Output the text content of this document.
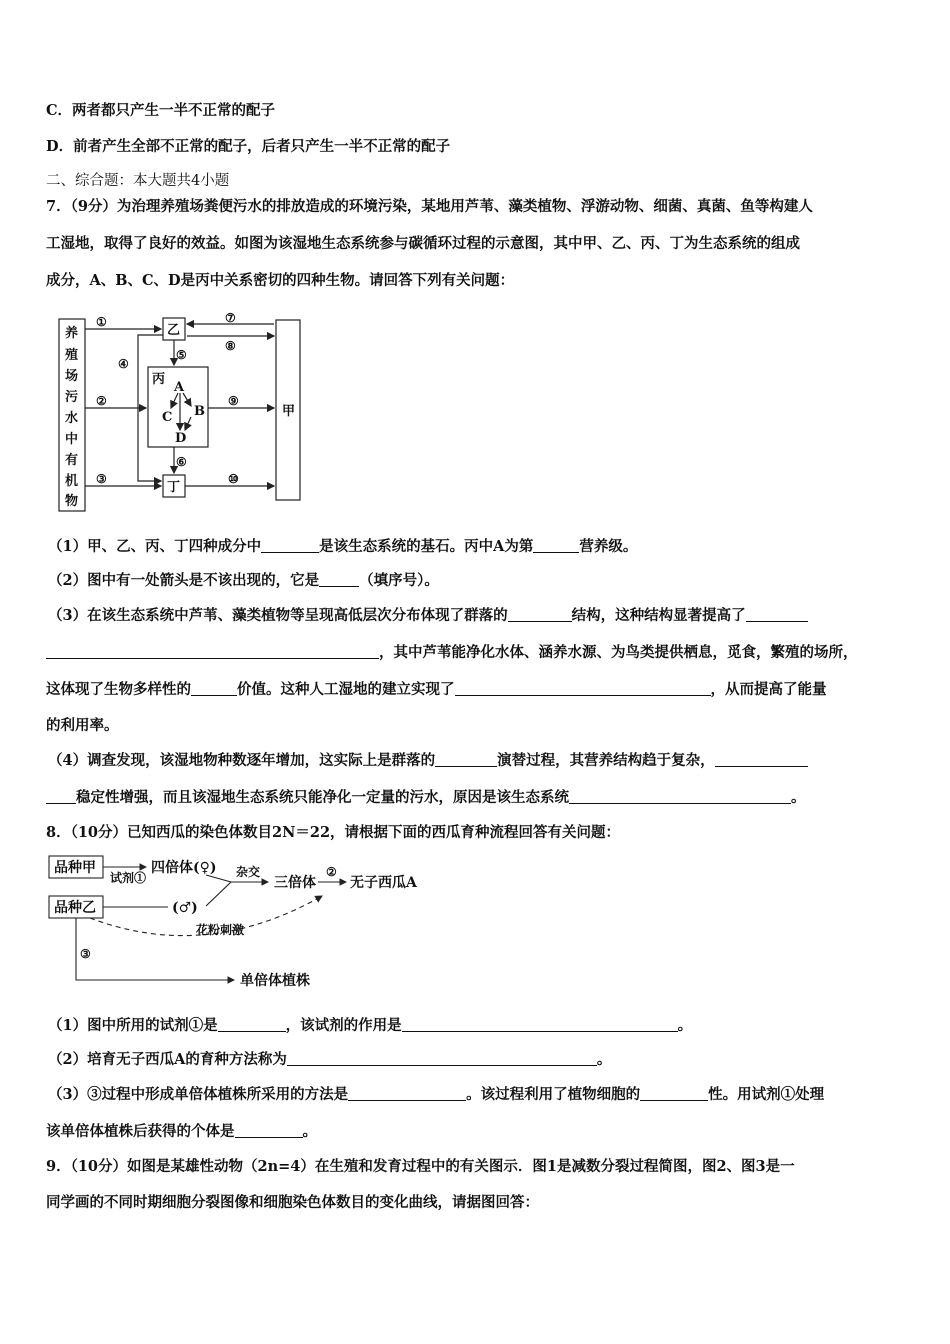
C．两者都只产生一半不正常的配子
D．前者产生全部不正常的配子，后者只产生一半不正常的配子
二、综合题：本大题共4小题
7．（9分）为治理养殖场粪便污水的排放造成的环境污染，某地用芦苇、藻类植物、浮游动物、细菌、真菌、鱼等构建人
工湿地，取得了良好的效益。如图为该湿地生态系统参与碳循环过程的示意图，其中甲、乙、丙、丁为生态系统的组成
成分，A、B、C、D是丙中关系密切的四种生物。请回答下列有关问题：
养
殖
场
污
水
中
有
机
物
乙
丙
丁
甲
A
C B
D
①
②
③
④
⑤
⑥
⑦
⑧
⑨
⑩
（1）甲、乙、丙、丁四种成分中	是该生态系统的基石。丙中A为第	营养级。
（2）图中有一处箭头是不该出现的，它是	（填序号）。
（3）在该生态系统中芦苇、藻类植物等呈现高低层次分布体现了群落的	结构，这种结构显著提高了
，其中芦苇能净化水体、涵养水源、为鸟类提供栖息，觅食，繁殖的场所，
这体现了生物多样性的	价值。这种人工湿地的建立实现了	，从而提高了能量
的利用率。
（4）调查发现，该湿地物种数逐年增加，这实际上是群落的	演替过程，其营养结构趋于复杂，
稳定性增强，而且该湿地生态系统只能净化一定量的污水，原因是该生态系统	。
8．（10分）已知西瓜的染色体数目2N＝22，请根据下面的西瓜育种流程回答有关问题：
品种甲
品种乙
四倍体(♀)
(♂)
三倍体 无子西瓜A
单倍体植株
试剂①	杂交	②
花粉刺激
③
（1）图中所用的试剂①是	，该试剂的作用是	。
（2）培育无子西瓜A的育种方法称为	。
（3）③过程中形成单倍体植株所采用的方法是	。该过程利用了植物细胞的	性。用试剂①处理
该单倍体植株后获得的个体是	。
9．（10分）如图是某雄性动物（2n=4）在生殖和发育过程中的有关图示．图1是减数分裂过程简图，图2、图3是一
同学画的不同时期细胞分裂图像和细胞染色体数目的变化曲线，请据图回答：
